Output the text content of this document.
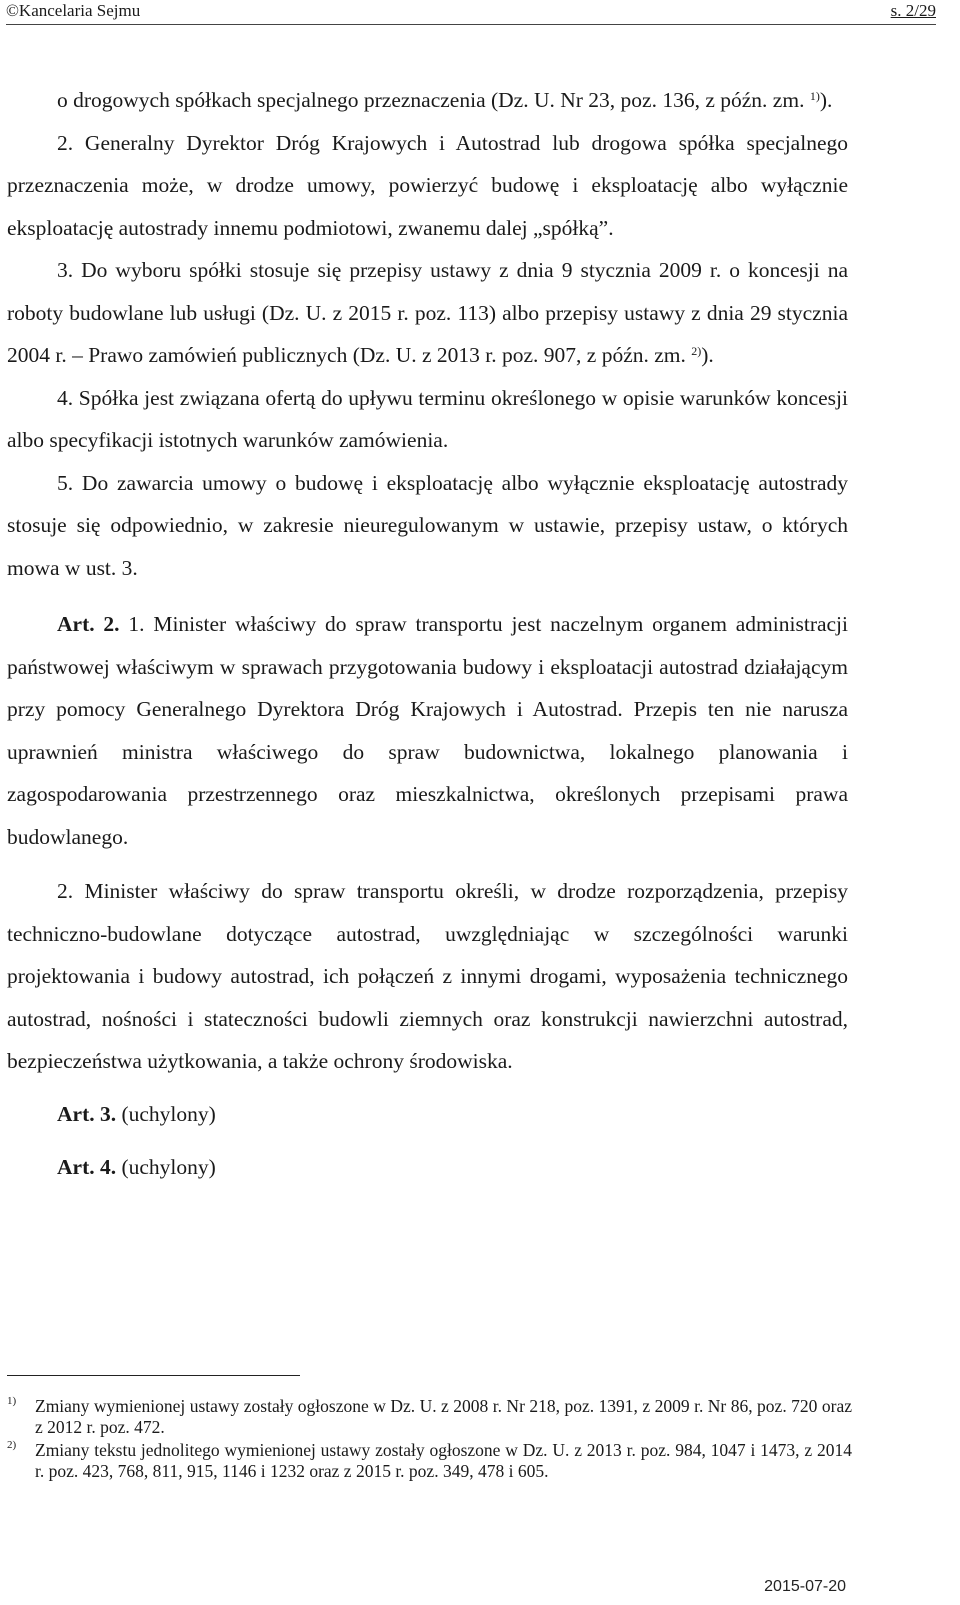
©Kancelaria Sejmu	s. 2/29

o drogowych spółkach specjalnego przeznaczenia (Dz. U. Nr 23, poz. 136, z późn. zm. $^{1)}$).

2. Generalny Dyrektor Dróg Krajowych i Autostrad lub drogowa spółka specjalnego przeznaczenia może, w drodze umowy, powierzyć budowę i eksploatację albo wyłącznie eksploatację autostrady innemu podmiotowi, zwanemu dalej „spółką”.

3. Do wyboru spółki stosuje się przepisy ustawy z dnia 9 stycznia 2009 r. o koncesji na roboty budowlane lub usługi (Dz. U. z 2015 r. poz. 113) albo przepisy ustawy z dnia 29 stycznia 2004 r. – Prawo zamówień publicznych (Dz. U. z 2013 r. poz. 907, z późn. zm. $^{2)}$).

4. Spółka jest związana ofertą do upływu terminu określonego w opisie warunków koncesji albo specyfikacji istotnych warunków zamówienia.

5. Do zawarcia umowy o budowę i eksploatację albo wyłącznie eksploatację autostrady stosuje się odpowiednio, w zakresie nieuregulowanym w ustawie, przepisy ustaw, o których mowa w ust. 3.

Art. 2. 1. Minister właściwy do spraw transportu jest naczelnym organem administracji państwowej właściwym w sprawach przygotowania budowy i eksploatacji autostrad działającym przy pomocy Generalnego Dyrektora Dróg Krajowych i Autostrad. Przepis ten nie narusza uprawnień ministra właściwego do spraw budownictwa, lokalnego planowania i zagospodarowania przestrzennego oraz mieszkalnictwa, określonych przepisami prawa budowlanego.

2. Minister właściwy do spraw transportu określi, w drodze rozporządzenia, przepisy techniczno-budowlane dotyczące autostrad, uwzględniając w szczególności warunki projektowania i budowy autostrad, ich połączeń z innymi drogami, wyposażenia technicznego autostrad, nośności i stateczności budowli ziemnych oraz konstrukcji nawierzchni autostrad, bezpieczeństwa użytkowania, a także ochrony środowiska.

Art. 3. (uchylony)

Art. 4. (uchylony)

1) Zmiany wymienionej ustawy zostały ogłoszone w Dz. U. z 2008 r. Nr 218, poz. 1391, z 2009 r. Nr 86, poz. 720 oraz z 2012 r. poz. 472.
2) Zmiany tekstu jednolitego wymienionej ustawy zostały ogłoszone w Dz. U. z 2013 r. poz. 984, 1047 i 1473, z 2014 r. poz. 423, 768, 811, 915, 1146 i 1232 oraz z 2015 r. poz. 349, 478 i 605.
2015-07-20
